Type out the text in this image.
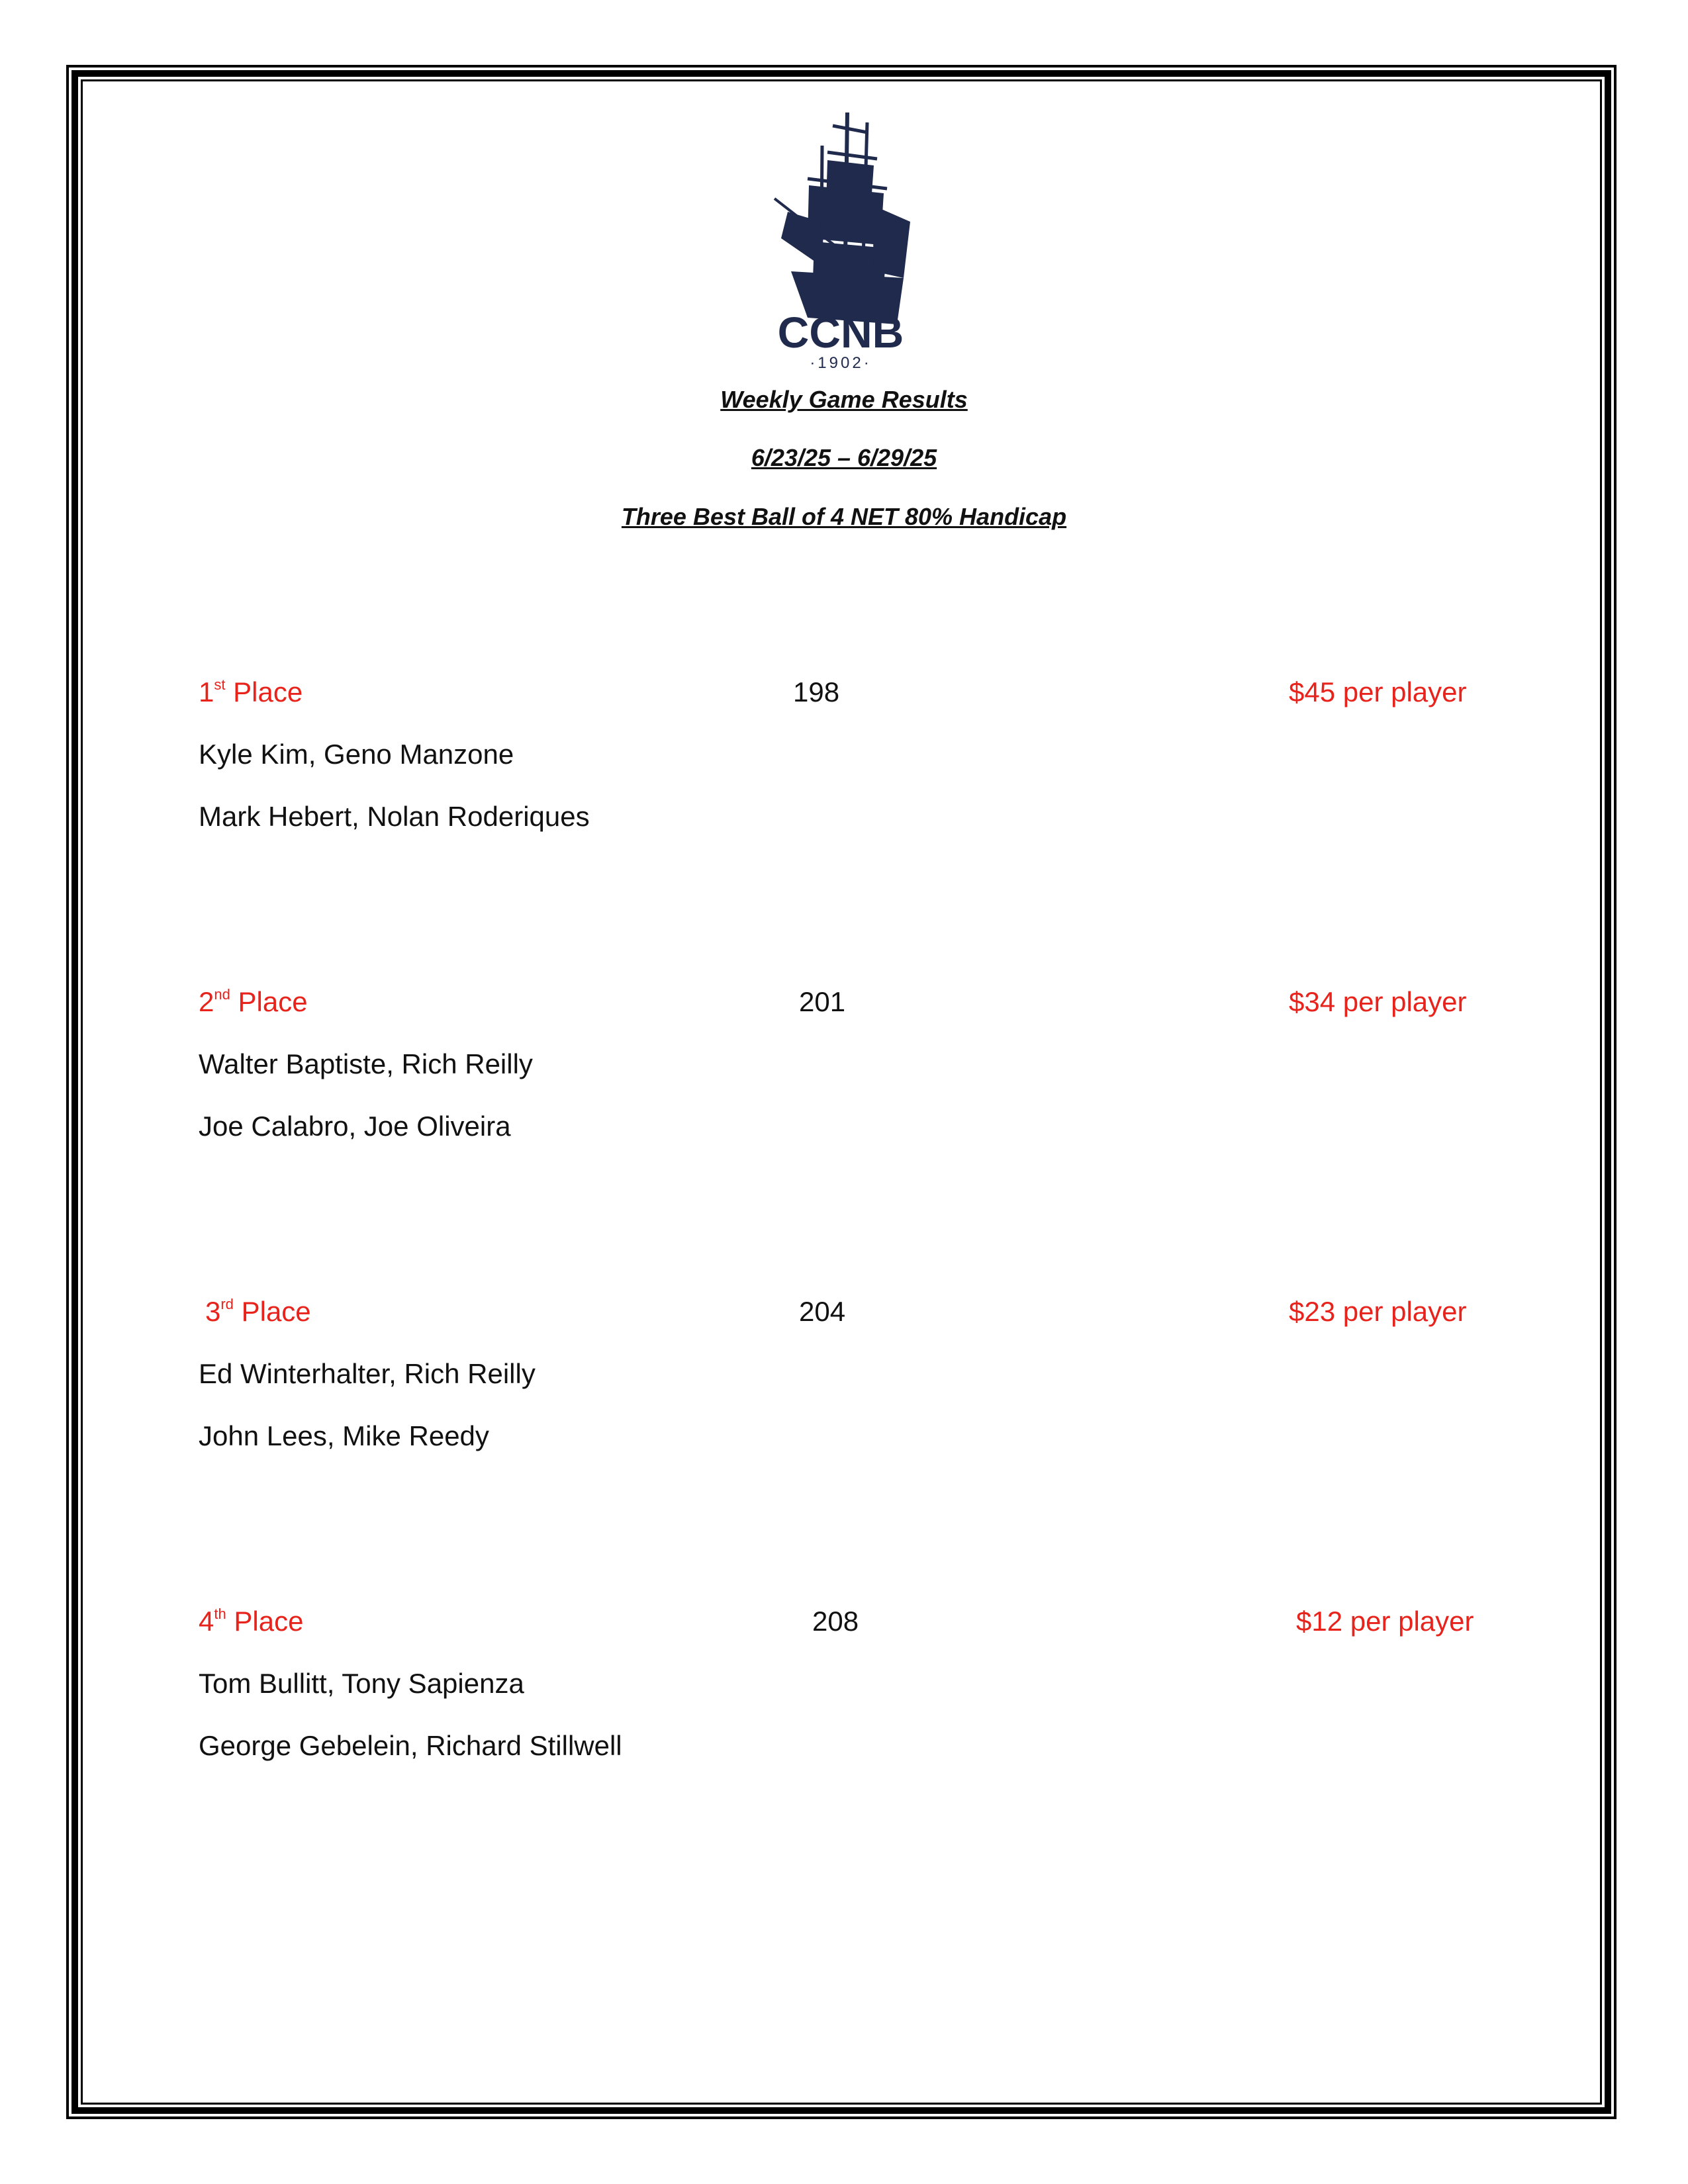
CCNB
·1902·
Weekly Game Results
6/23/25 – 6/29/25
Three Best Ball of 4 NET 80% Handicap
1st Place	198	$45 per player
Kyle Kim, Geno Manzone
Mark Hebert, Nolan Roderiques
2nd Place	201	$34 per player
Walter Baptiste, Rich Reilly
Joe Calabro, Joe Oliveira
3rd Place	204	$23 per player
Ed Winterhalter, Rich Reilly
John Lees, Mike Reedy
4th Place	208	$12 per player
Tom Bullitt, Tony Sapienza
George Gebelein, Richard Stillwell
